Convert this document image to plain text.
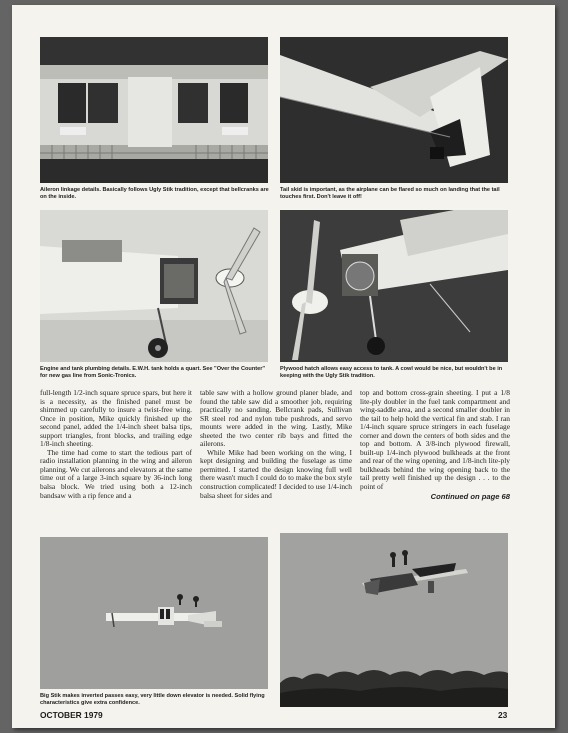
Aileron linkage details. Basically follows Ugly Stik tradition, except that bellcranks are on the inside.
Tail skid is important, as the airplane can be flared so much on landing that the tail touches first. Don't leave it off!
Engine and tank plumbing details. E.W.H. tank holds a quart. See "Over the Counter" for new gas line from Sonic-Tronics.
Plywood hatch allows easy access to tank. A cowl would be nice, but wouldn't be in keeping with the Ugly Stik tradition.

full-length 1/2-inch square spruce spars, but here it is a necessity, as the finished panel must be shimmed up carefully to insure a twist-free wing. Once in position, Mike quickly finished up the second panel, added the 1/4-inch sheet balsa tips, support triangles, front blocks, and trailing edge 1/8-inch sheeting.

The time had come to start the tedious part of radio installation planning in the wing and aileron planning. We cut ailerons and elevators at the same time out of a large 3-inch square by 36-inch long balsa block. We tried using both a 12-inch bandsaw with a rip fence and a

table saw with a hollow ground planer blade, and found the table saw did a smoother job, requiring practically no sanding. Bellcrank pads, Sullivan SR steel rod and nylon tube pushrods, and servo mounts were added in the wing. Lastly, Mike sheeted the two center rib bays and fitted the ailerons.

While Mike had been working on the wing, I kept designing and building the fuselage as time permitted. I started the design knowing full well there wasn't much I could do to make the box style construction complicated! I decided to use 1/4-inch balsa sheet for sides and

top and bottom cross-grain sheeting. I put a 1/8 lite-ply doubler in the fuel tank compartment and wing-saddle area, and a second smaller doubler in the tail to help hold the vertical fin and stab. I ran 1/4-inch square spruce stringers in each fuselage corner and down the centers of both sides and the top and bottom. A 3/8-inch plywood firewall, built-up 1/4-inch plywood bulkheads at the front and rear of the wing opening, and 1/8-inch lite-ply bulkheads behind the wing opening back to the tail pretty well finished up the design . . . to the point of

Continued on page 68
Big Stik makes inverted passes easy, very little down elevator is needed. Solid flying characteristics give extra confidence.
OCTOBER 1979	23
